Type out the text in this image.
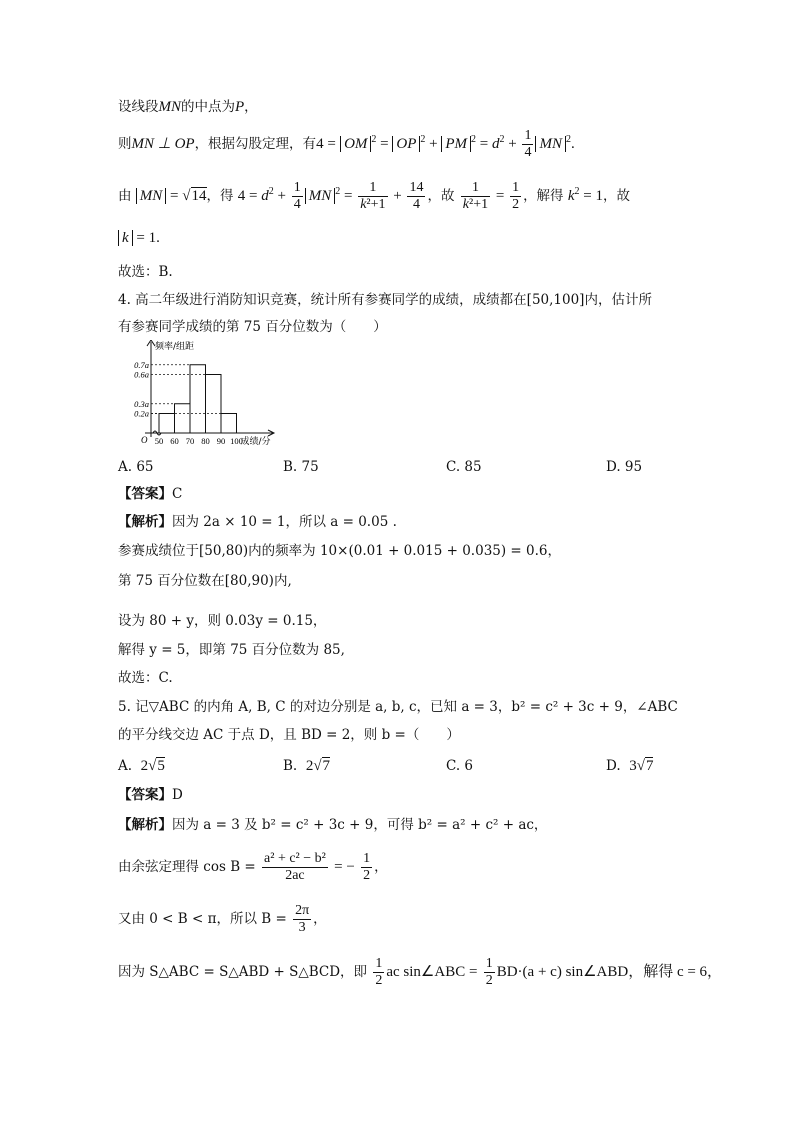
设线段MN的中点为P，
则MN ⊥ OP，根据勾股定理，有4 = OM $^2$ = OP $^2$ + PM $^2 = d^2 + \frac{1}{4}$ MN $^2$.
由 MN = √14，得 $4 = d^2 + \frac{1}{4}$ MN $^2 = \frac{1}{\text{k²+1}} + \frac{14}{4}$ ，故 $\frac{1}{\text{k²+1}} = \frac{1}{2}$ ，解得 $k^2 = 1$，故
k = 1.
故选：B.
4. 高二年级进行消防知识竞赛，统计所有参赛同学的成绩，成绩都在[50,100]内，估计所
有参赛同学成绩的第 75 百分位数为（　　）
0.7a
0.6a
0.3a
0.2a
50 60 70 80 90 100
O
频率/组距
成绩/分
A. 65	B. 75	C. 85	D. 95
【答案】C
【解析】因为 2a × 10 = 1，所以 a = 0.05 .
参赛成绩位于[50,80)内的频率为 10×(0.01 + 0.015 + 0.035) = 0.6，
第 75 百分位数在[80,90)内,
设为 80 + y，则 0.03y = 0.15，
解得 y = 5，即第 75 百分位数为 85,
故选：C.
5. 记▽ABC 的内角 A, B, C 的对边分别是 a, b, c，已知 a = 3，b² = c² + 3c + 9，∠ABC
的平分线交边 AC 于点 D，且 BD = 2，则 b =（　　）
A. 2√5	B. 2√7	C. 6	D. 3√7
【答案】D
【解析】因为 a = 3 及 b² = c² + 3c + 9，可得 b² = a² + c² + ac，
由余弦定理得 $\cos B = \frac{\text{a² + c² − b²}}{2ac}$ = − $\frac{1}{2}$ ，
又由 0 < B < π，所以 $B = \frac{2\pi}{3}$ ，
因为 S△ABC = S△ABD + S△BCD，即 $\frac{1}{2}$ ac sin∠ABC = $\frac{1}{2} BD\cdot(a + c)$ sin∠ABD，解得 c = 6，
